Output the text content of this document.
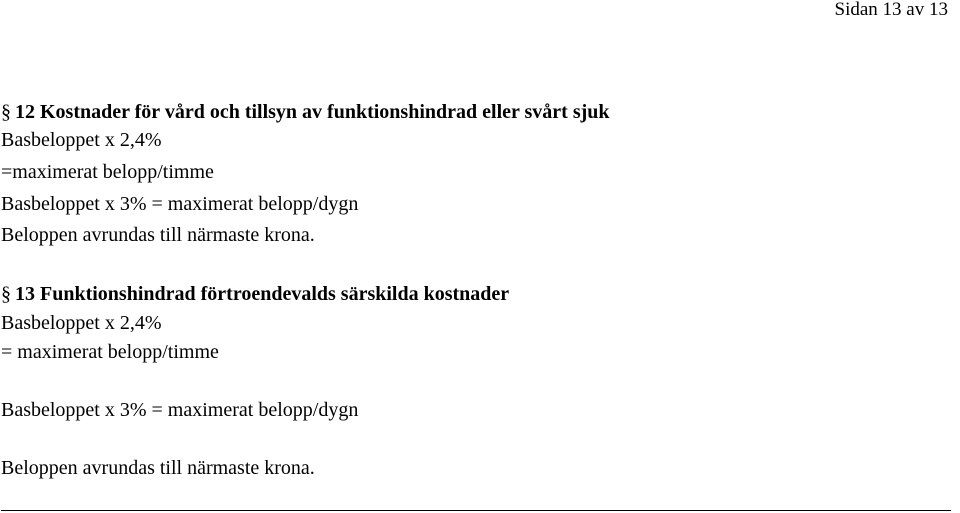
Sidan 13 av 13
§ 12 Kostnader för vård och tillsyn av funktionshindrad eller svårt sjuk
Basbeloppet x 2,4%
=maximerat belopp/timme
Basbeloppet x 3% = maximerat belopp/dygn
Beloppen avrundas till närmaste krona.
§ 13 Funktionshindrad förtroendevalds särskilda kostnader
Basbeloppet x 2,4%
= maximerat belopp/timme
Basbeloppet x 3% = maximerat belopp/dygn
Beloppen avrundas till närmaste krona.
